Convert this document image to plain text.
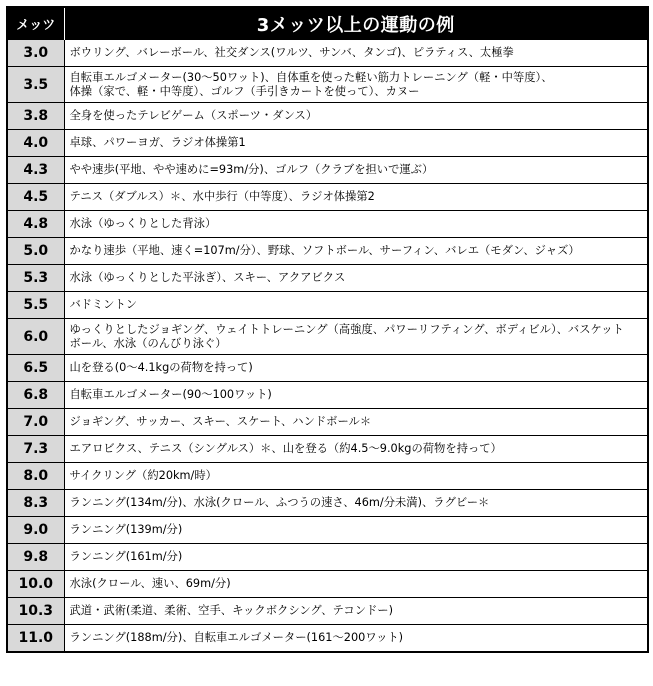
メッツ	3メッツ以上の運動の例
3.0	ボウリング、バレーボール、社交ダンス(ワルツ、サンバ、タンゴ)、ピラティス、太極拳
3.5	自転車エルゴメーター(30～50ワット)、自体重を使った軽い筋力トレーニング（軽・中等度）、
体操（家で、軽・中等度）、ゴルフ（手引きカートを使って）、カヌー
3.8	全身を使ったテレビゲーム（スポーツ・ダンス）
4.0	卓球、パワーヨガ、ラジオ体操第1
4.3	やや速歩(平地、やや速めに=93m/分)、ゴルフ（クラブを担いで運ぶ）
4.5	テニス（ダブルス）＊、水中歩行（中等度）、ラジオ体操第2
4.8	水泳（ゆっくりとした背泳）
5.0	かなり速歩（平地、速く=107m/分）、野球、ソフトボール、サーフィン、バレエ（モダン、ジャズ）
5.3	水泳（ゆっくりとした平泳ぎ）、スキー、アクアビクス
5.5	バドミントン
6.0	ゆっくりとしたジョギング、ウェイトトレーニング（高強度、パワーリフティング、ボディビル）、バスケット
ボール、水泳（のんびり泳ぐ）
6.5	山を登る(0～4.1kgの荷物を持って)
6.8	自転車エルゴメーター(90～100ワット)
7.0	ジョギング、サッカー、スキー、スケート、ハンドボール＊
7.3	エアロビクス、テニス（シングルス）＊、山を登る（約4.5～9.0kgの荷物を持って）
8.0	サイクリング（約20km/時）
8.3	ランニング(134m/分)、水泳(クロール、ふつうの速さ、46m/分未満)、ラグビー＊
9.0	ランニング(139m/分)
9.8	ランニング(161m/分)
10.0	水泳(クロール、速い、69m/分)
10.3	武道・武術(柔道、柔術、空手、キックボクシング、テコンドー)
11.0	ランニング(188m/分)、自転車エルゴメーター(161～200ワット)
